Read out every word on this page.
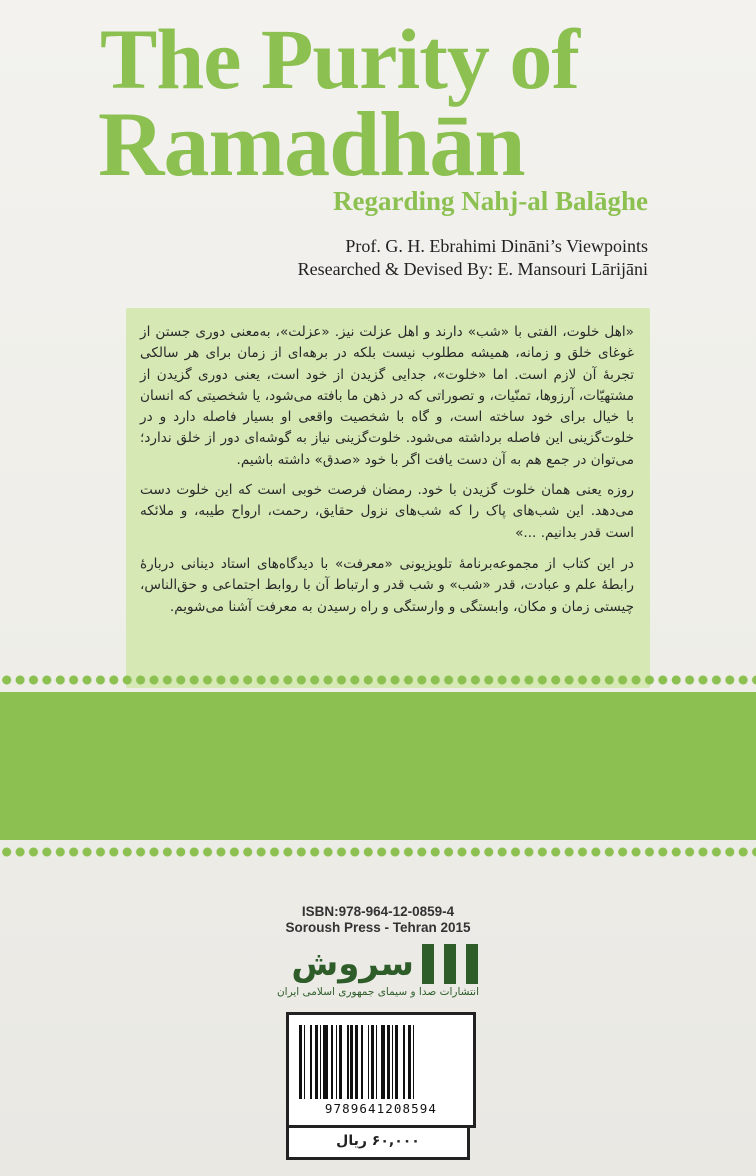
The Purity of
Ramadhān
Regarding Nahj-al Balāghe
Prof. G. H. Ebrahimi Dināni’s Viewpoints
Researched & Devised By: E. Mansouri Lārijāni

«اهل خلوت، الفتی با «شب» دارند و اهل عزلت نیز. «عزلت»، به‌معنی دوری جستن از غوغای خلق و زمانه، همیشه مطلوب نیست بلکه در برهه‌ای از زمان برای هر سالکی تجربهٔ آن لازم است. اما «خلوت»، جدایی گزیدن از خود است، یعنی دوری گزیدن از مشتهیّات، آرزوها، تمنّیات، و تصوراتی که در ذهن ما بافته می‌شود، یا شخصیتی که انسان با خیال برای خود ساخته است، و گاه با شخصیت واقعی او بسیار فاصله دارد و در خلوت‌گزینی این فاصله برداشته می‌شود. خلوت‌گزینی نیاز به گوشه‌ای دور از خلق ندارد؛ می‌توان در جمع هم به آن دست یافت اگر با خود «صدق» داشته باشیم.

روزه یعنی همان خلوت گزیدن با خود. رمضان فرصت خوبی است که این خلوت دست می‌دهد. این شب‌های پاک را که شب‌های نزول حقایق، رحمت، ارواح طیبه، و ملائکه است قدر بدانیم. ...»

در این کتاب از مجموعه‌برنامهٔ تلویزیونی «معرفت» با دیدگاه‌های استاد دینانی دربارهٔ رابطهٔ علم و عبادت، قدر «شب» و شب قدر و ارتباط آن با روابط اجتماعی و حق‌الناس، چیستی زمان و مکان، وابستگی و وارستگی و راه رسیدن به معرفت آشنا می‌شویم.

ISBN:978-964-12-0859-4
Soroush Press - Tehran 2015
سروش
انتشارات صدا و سیمای جمهوری اسلامی ایران
9789641208594
۶۰,۰۰۰ ریال
